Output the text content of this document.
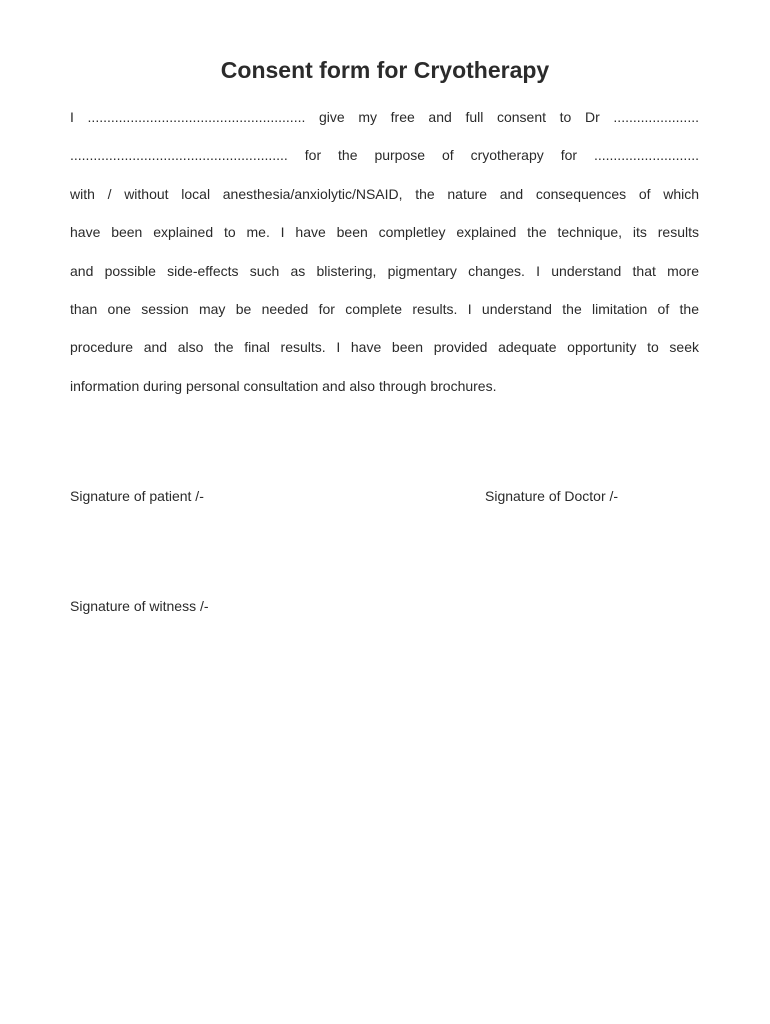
Consent form for Cryotherapy
I ........................................................ give my free and full consent to Dr ......................
........................................................ for the purpose of cryotherapy for ...........................
with / without local anesthesia/anxiolytic/NSAID, the nature and consequences of which
have been explained to me. I have been completley explained the technique, its results
and possible side-effects such as blistering, pigmentary changes. I understand that more
than one session may be needed for complete results. I understand the limitation of the
procedure and also the final results. I have been provided adequate opportunity to seek
information during personal consultation and also through brochures.

Signature of patient /-	Signature of Doctor /-

Signature of witness /-
